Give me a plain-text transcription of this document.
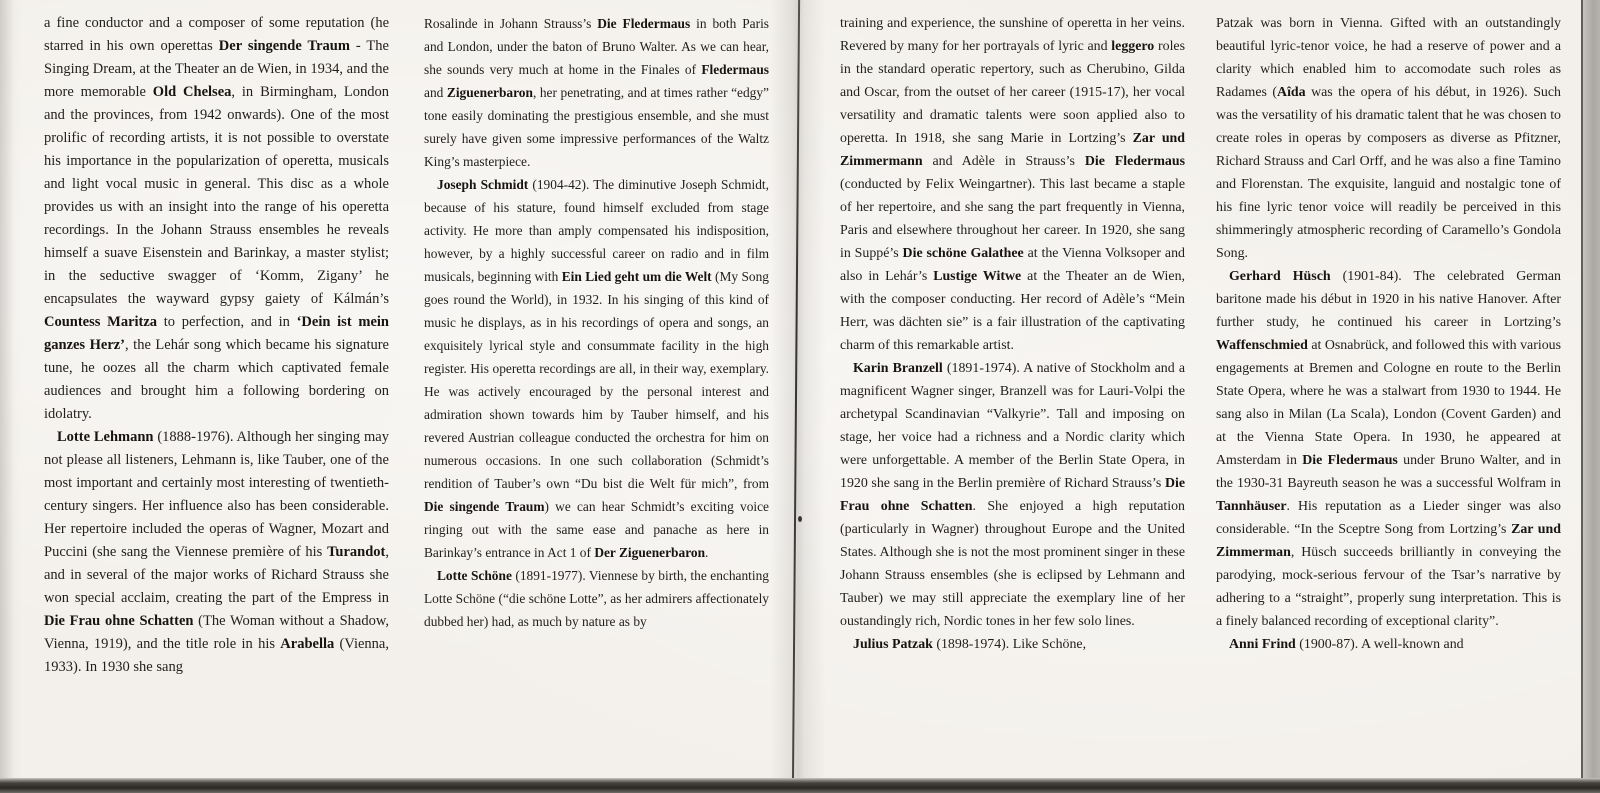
a fine conductor and a composer of some reputation (he starred in his own operettas Der singende Traum - The Singing Dream, at the Theater an de Wien, in 1934, and the more memorable Old Chelsea, in Birmingham, London and the provinces, from 1942 onwards). One of the most prolific of recording artists, it is not possible to overstate his importance in the popularization of operetta, musicals and light vocal music in general. This disc as a whole provides us with an insight into the range of his operetta recordings. In the Johann Strauss ensembles he reveals himself a suave Eisenstein and Barinkay, a master stylist; in the seductive swagger of ‘Komm, Zigany’ he encapsulates the wayward gypsy gaiety of Kálmán’s Countess Maritza to perfection, and in ‘Dein ist mein ganzes Herz’, the Lehár song which became his signature tune, he oozes all the charm which captivated female audiences and brought him a following bordering on idolatry.

Lotte Lehmann (1888-1976). Although her singing may not please all listeners, Lehmann is, like Tauber, one of the most important and certainly most interesting of twentieth-century singers. Her influence also has been considerable. Her repertoire included the operas of Wagner, Mozart and Puccini (she sang the Viennese première of his Turandot, and in several of the major works of Richard Strauss she won special acclaim, creating the part of the Empress in Die Frau ohne Schatten (The Woman without a Shadow, Vienna, 1919), and the title role in his Arabella (Vienna, 1933). In 1930 she sang

Rosalinde in Johann Strauss’s Die Fledermaus in both Paris and London, under the baton of Bruno Walter. As we can hear, she sounds very much at home in the Finales of Fledermaus and Ziguenerbaron, her penetrating, and at times rather “edgy” tone easily dominating the prestigious ensemble, and she must surely have given some impressive performances of the Waltz King’s masterpiece.

Joseph Schmidt (1904-42). The diminutive Joseph Schmidt, because of his stature, found himself excluded from stage activity. He more than amply compensated his indisposition, however, by a highly successful career on radio and in film musicals, beginning with Ein Lied geht um die Welt (My Song goes round the World), in 1932. In his singing of this kind of music he displays, as in his recordings of opera and songs, an exquisitely lyrical style and consummate facility in the high register. His operetta recordings are all, in their way, exemplary. He was actively encouraged by the personal interest and admiration shown towards him by Tauber himself, and his revered Austrian colleague conducted the orchestra for him on numerous occasions. In one such collaboration (Schmidt’s rendition of Tauber’s own “Du bist die Welt für mich”, from Die singende Traum) we can hear Schmidt’s exciting voice ringing out with the same ease and panache as here in Barinkay’s entrance in Act 1 of Der Ziguenerbaron.

Lotte Schöne (1891-1977). Viennese by birth, the enchanting Lotte Schöne (“die schöne Lotte”, as her admirers affectionately dubbed her) had, as much by nature as by

training and experience, the sunshine of operetta in her veins. Revered by many for her portrayals of lyric and leggero roles in the standard operatic repertory, such as Cherubino, Gilda and Oscar, from the outset of her career (1915-17), her vocal versatility and dramatic talents were soon applied also to operetta. In 1918, she sang Marie in Lortzing’s Zar und Zimmermann and Adèle in Strauss’s Die Fledermaus (conducted by Felix Weingartner). This last became a staple of her repertoire, and she sang the part frequently in Vienna, Paris and elsewhere throughout her career. In 1920, she sang in Suppé’s Die schöne Galathee at the Vienna Volksoper and also in Lehár’s Lustige Witwe at the Theater an de Wien, with the composer conducting. Her record of Adèle’s “Mein Herr, was dächten sie” is a fair illustration of the captivating charm of this remarkable artist.

Karin Branzell (1891-1974). A native of Stockholm and a magnificent Wagner singer, Branzell was for Lauri-Volpi the archetypal Scandinavian “Valkyrie”. Tall and imposing on stage, her voice had a richness and a Nordic clarity which were unforgettable. A member of the Berlin State Opera, in 1920 she sang in the Berlin première of Richard Strauss’s Die Frau ohne Schatten. She enjoyed a high reputation (particularly in Wagner) throughout Europe and the United States. Although she is not the most prominent singer in these Johann Strauss ensembles (she is eclipsed by Lehmann and Tauber) we may still appreciate the exemplary line of her oustandingly rich, Nordic tones in her few solo lines.

Julius Patzak (1898-1974). Like Schöne,

Patzak was born in Vienna. Gifted with an outstandingly beautiful lyric-tenor voice, he had a reserve of power and a clarity which enabled him to accomodate such roles as Radames (Aîda was the opera of his début, in 1926). Such was the versatility of his dramatic talent that he was chosen to create roles in operas by composers as diverse as Pfitzner, Richard Strauss and Carl Orff, and he was also a fine Tamino and Florenstan. The exquisite, languid and nostalgic tone of his fine lyric tenor voice will readily be perceived in this shimmeringly atmospheric recording of Caramello’s Gondola Song.

Gerhard Hüsch (1901-84). The celebrated German baritone made his début in 1920 in his native Hanover. After further study, he continued his career in Lortzing’s Waffenschmied at Osnabrück, and followed this with various engagements at Bremen and Cologne en route to the Berlin State Opera, where he was a stalwart from 1930 to 1944. He sang also in Milan (La Scala), London (Covent Garden) and at the Vienna State Opera. In 1930, he appeared at Amsterdam in Die Fledermaus under Bruno Walter, and in the 1930-31 Bayreuth season he was a successful Wolfram in Tannhäuser. His reputation as a Lieder singer was also considerable. “In the Sceptre Song from Lortzing’s Zar und Zimmerman, Hüsch succeeds brilliantly in conveying the parodying, mock-serious fervour of the Tsar’s narrative by adhering to a “straight”, properly sung interpretation. This is a finely balanced recording of exceptional clarity”.

Anni Frind (1900-87). A well-known and
